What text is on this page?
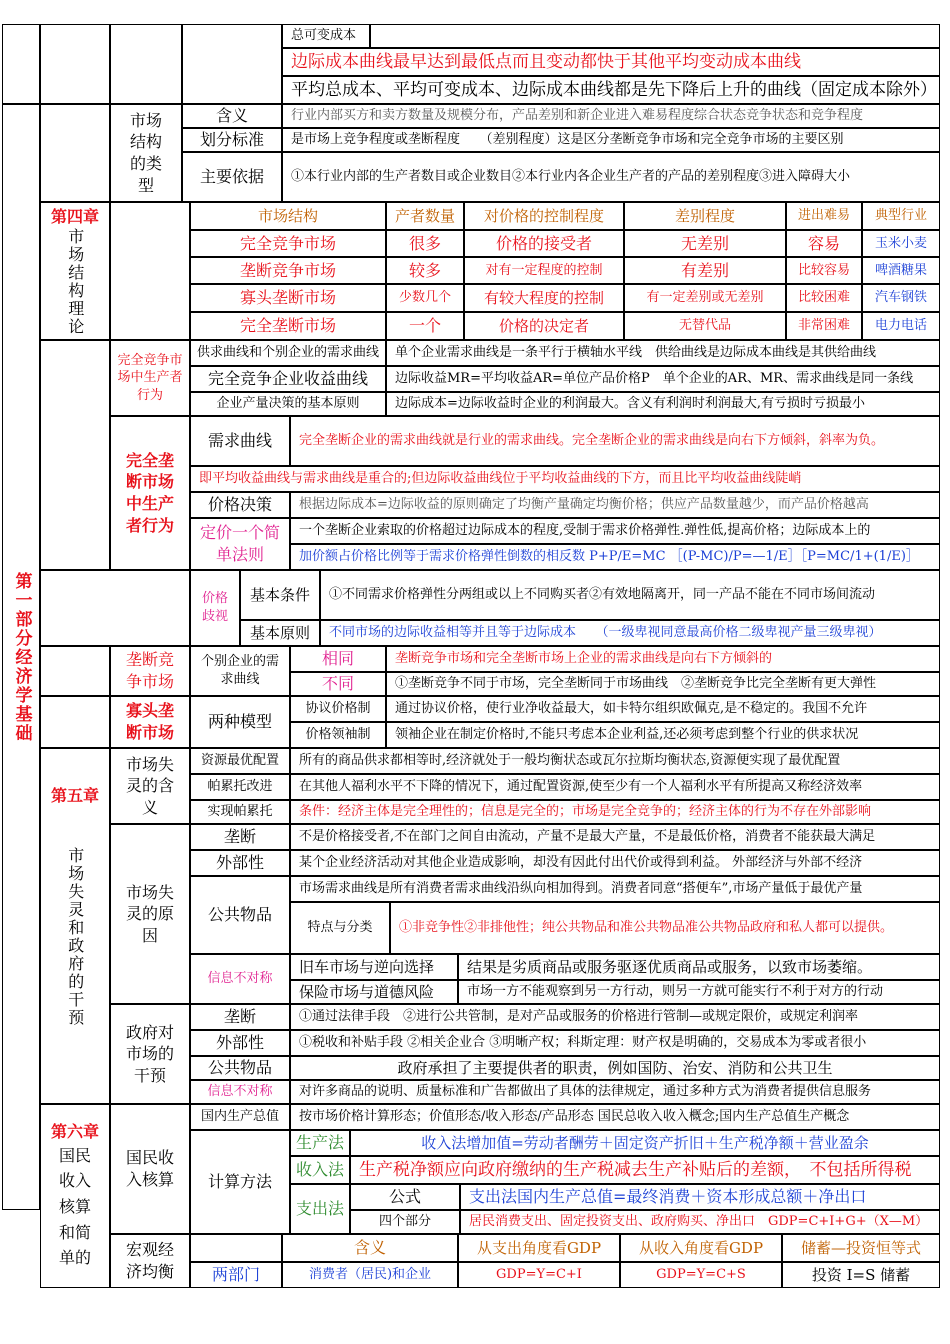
总可变成本
边际成本曲线最早达到最低点而且变动都快于其他平均变动成本曲线
平均总成本、平均可变成本、边际成本曲线都是先下降后上升的曲线（固定成本除外）
第一部分经济学基础
市场结构的类型
含义	行业内部买方和卖方数量及规模分布，产品差别和新企业进入难易程度综合状态竞争状态和竞争程度
划分标准	是市场上竞争程度或垄断程度　　（差别程度）这是区分垄断竞争市场和完全竞争市场的主要区别
主要依据	①本行业内部的生产者数目或企业数目②本行业内各企业生产者的产品的差别程度③进入障碍大小
第四章
市场结构理论
市场结构	产者数量	对价格的控制程度	差别程度	进出难易	典型行业
完全竞争市场	很多	价格的接受者	无差别	容易	玉米小麦
垄断竞争市场	较多	对有一定程度的控制	有差别	比较容易	啤酒糖果
寡头垄断市场	少数几个	有较大程度的控制	有一定差别或无差别	比较困难	汽车钢铁
完全垄断市场	一个	价格的决定者	无替代品	非常困难	电力电话
完全竞争市场中生产者行为
供求曲线和个别企业的需求曲线	单个企业需求曲线是一条平行于横轴水平线　供给曲线是边际成本曲线是其供给曲线
完全竞争企业收益曲线	边际收益MR=平均收益AR=单位产品价格P　单个企业的AR、MR、需求曲线是同一条线
企业产量决策的基本原则	边际成本=边际收益时企业的利润最大。含义有利润时利润最大,有亏损时亏损最小
完全垄断市场中生产者行为
需求曲线	完全垄断企业的需求曲线就是行业的需求曲线。完全垄断企业的需求曲线是向右下方倾斜，斜率为负。
即平均收益曲线与需求曲线是重合的;但边际收益曲线位于平均收益曲线的下方，而且比平均收益曲线陡峭
价格决策	根据边际成本=边际收益的原则确定了均衡产量确定均衡价格；供应产品数量越少，而产品价格越高
定价一个简单法则
一个垄断企业索取的价格超过边际成本的程度,受制于需求价格弹性.弹性低,提高价格；边际成本上的
加价额占价格比例等于需求价格弹性倒数的相反数 P+P/E=MC ［(P-MC)/P=—1/E］［P=MC/1+(1/E)］
价格歧视
基本条件	①不同需求价格弹性分两组或以上不同购买者②有效地隔离开，同一产品不能在不同市场间流动
基本原则	不同市场的边际收益相等并且等于边际成本　　（一级卑视同意最高价格二级卑视产量三级卑视）
垄断竞争市场
个别企业的需求曲线
相同	垄断竞争市场和完全垄断市场上企业的需求曲线是向右下方倾斜的
不同	①垄断竞争不同于市场，完全垄断同于市场曲线　②垄断竞争比完全垄断有更大弹性
寡头垄断市场
两种模型
协议价格制	通过协议价格，使行业净收益最大，如卡特尔组织欧佩克,是不稳定的。我国不允许
价格领袖制	领袖企业在制定价格时,不能只考虑本企业利益,还必须考虑到整个行业的供求状况
第五章
市场失灵和政府的干预
市场失灵的含义
资源最优配置	所有的商品供求都相等时,经济就处于一般均衡状态或瓦尔拉斯均衡状态,资源便实现了最优配置
帕累托改进	在其他人福利水平不下降的情况下，通过配置资源,使至少有一个人福利水平有所提高又称经济效率
实现帕累托	条件：经济主体是完全理性的；信息是完全的；市场是完全竞争的；经济主体的行为不存在外部影响
市场失灵的原因
垄断	不是价格接受者,不在部门之间自由流动，产量不是最大产量，不是最低价格，消费者不能获最大满足
外部性	某个企业经济活动对其他企业造成影响，却没有因此付出代价或得到利益。 外部经济与外部不经济
公共物品
市场需求曲线是所有消费者需求曲线沿纵向相加得到。消费者同意“搭便车”,市场产量低于最优产量
特点与分类	①非竞争性②非排他性；纯公共物品和准公共物品准公共物品政府和私人都可以提供。
信息不对称
旧车市场与逆向选择	结果是劣质商品或服务驱逐优质商品或服务，以致市场萎缩。
保险市场与道德风险	市场一方不能观察到另一方行动，则另一方就可能实行不利于对方的行动
政府对市场的干预
垄断	①通过法律手段　②进行公共管制，是对产品或服务的价格进行管制—或规定限价，或规定利润率
外部性	①税收和补贴手段 ②相关企业合 ③明晰产权；科斯定理：财产权是明确的，交易成本为零或者很小
公共物品	政府承担了主要提供者的职责，例如国防、治安、消防和公共卫生
信息不对称	对许多商品的说明、质量标准和广告都做出了具体的法律规定，通过多种方式为消费者提供信息服务
第六章
国民收入核算和简单的
国民收入核算
国内生产总值	按市场价格计算形态；价值形态/收入形态/产品形态 国民总收入收入概念;国内生产总值生产概念
计算方法
生产法	收入法增加值=劳动者酬劳＋固定资产折旧＋生产税净额＋营业盈余
收入法 生产税净额应向政府缴纳的生产税减去生产补贴后的差额，　不包括所得税
支出法
公式	支出法国内生产总值=最终消费＋资本形成总额＋净出口
四个部分	居民消费支出、固定投资支出、政府购买、净出口　GDP=C+I+G+（X—M）
宏观经济均衡
含义	从支出角度看GDP	从收入角度看GDP	储蓄—投资恒等式
两部门	消费者（居民)和企业	GDP=Y=C+I	GDP=Y=C+S	投资 I=S 储蓄
